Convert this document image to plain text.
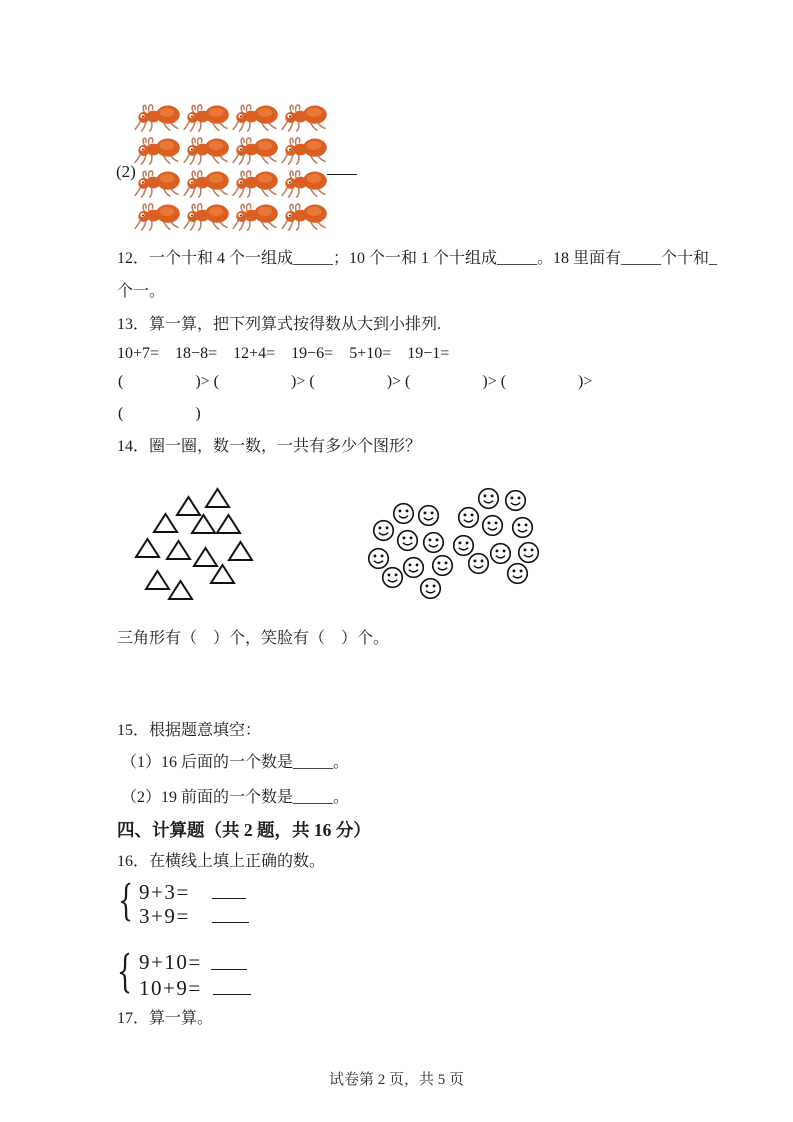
(2)
12．一个十和 4 个一组成_____；10 个一和 1 个十组成_____。18 里面有_____个十和_
个一。
13．算一算，把下列算式按得数从大到小排列.
10+7=    18−8=    12+4=    19−6=    5+10=    19−1=
(                  )> (                  )> (                  )> (                  )> (                  )>
(                  )
14．圈一圈，数一数，一共有多少个图形？
三角形有（　）个，笑脸有（　）个。
15．根据题意填空：
（1）16 后面的一个数是_____。
（2）19 前面的一个数是_____。
四、计算题（共 2 题，共 16 分）
16．在横线上填上正确的数。
9+3=
3+9=
9+10=
10+9=
17．算一算。
试卷第 2 页，共 5 页
